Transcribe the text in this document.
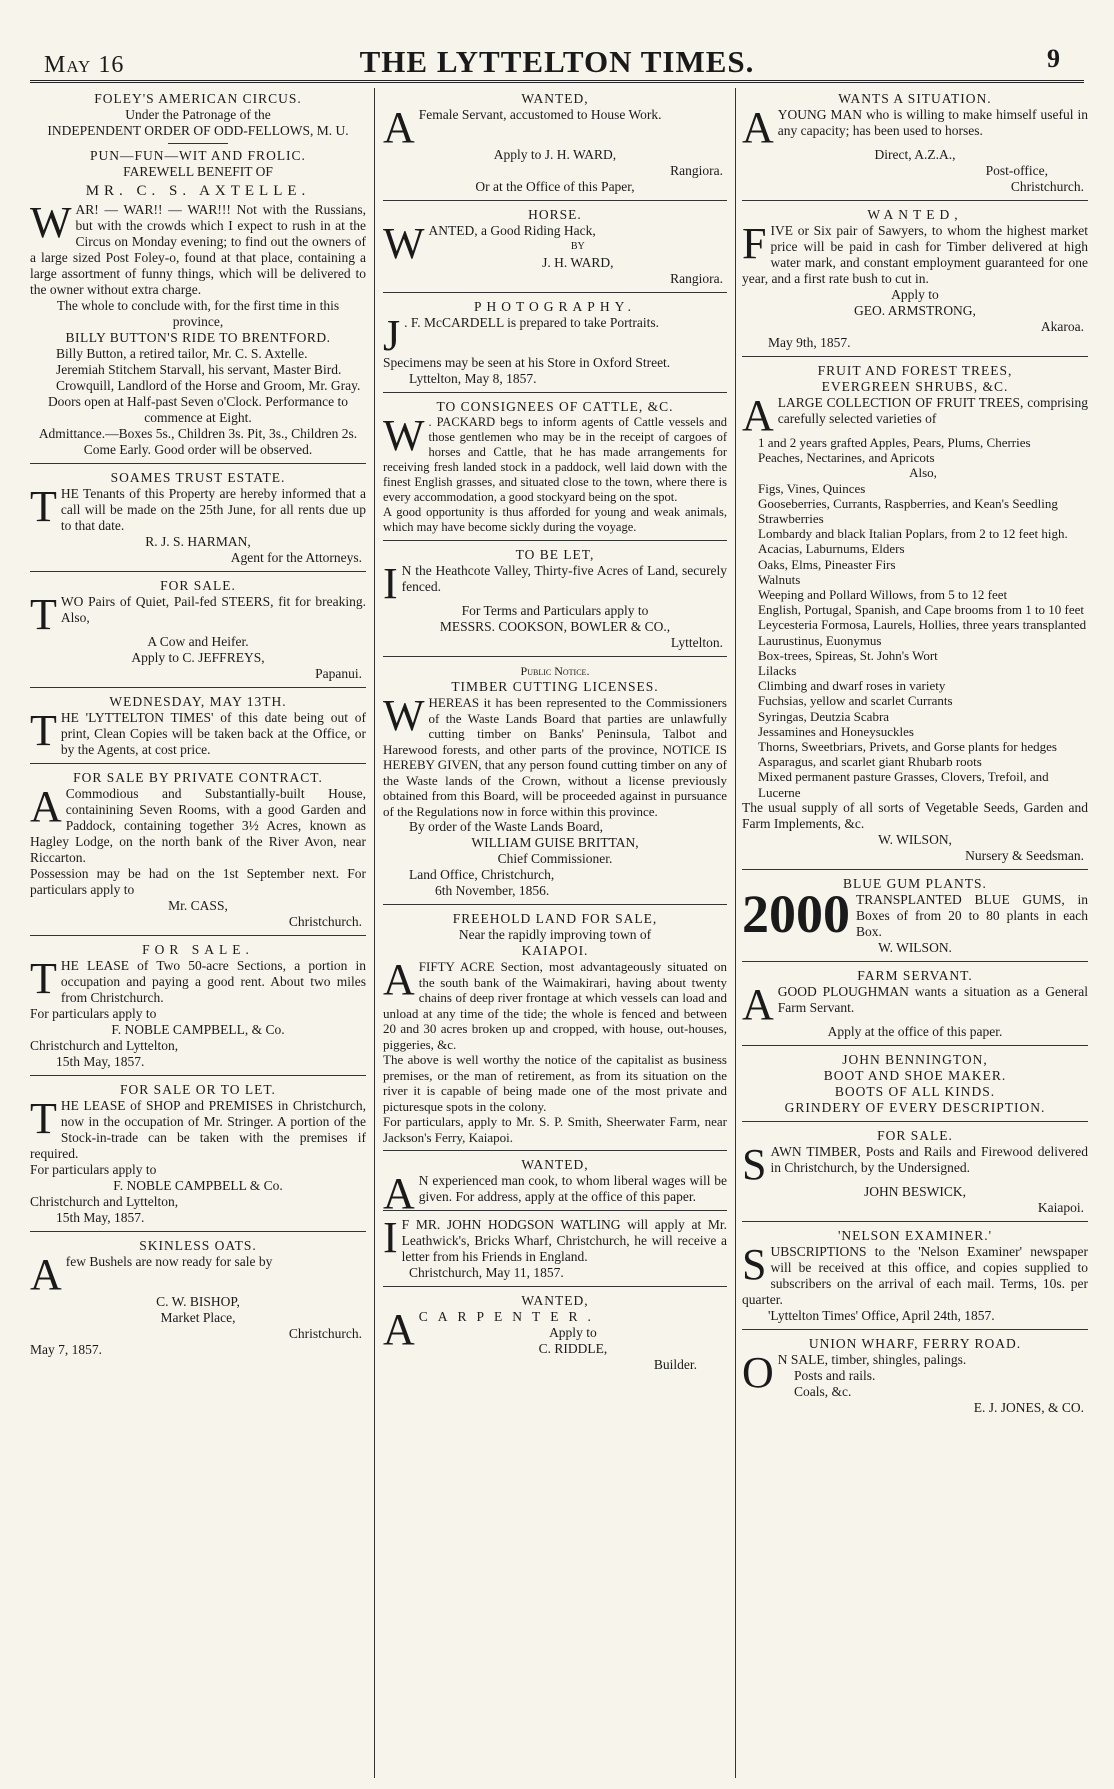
May 16	THE LYTTELTON TIMES.	9
FOLEY'S AMERICAN CIRCUS.
Under the Patronage of the
INDEPENDENT ORDER OF ODD-FELLOWS, M. U.
PUN—FUN—WIT AND FROLIC.
FAREWELL BENEFIT OF
MR. C. S. AXTELLE.
WAR! — WAR!! — WAR!!! Not with the Russians, but with the crowds which I expect to rush in at the Circus on Monday evening; to find out the owners of a large sized Post Foley-o, found at that place, containing a large assortment of funny things, which will be delivered to the owner without extra charge.
The whole to conclude with, for the first time in this province,
BILLY BUTTON'S RIDE TO BRENTFORD.
Billy Button, a retired tailor, Mr. C. S. Axtelle.
Jeremiah Stitchem Starvall, his servant, Master Bird.
Crowquill, Landlord of the Horse and Groom, Mr. Gray.
Doors open at Half-past Seven o'Clock. Performance to commence at Eight.
Admittance.—Boxes 5s., Children 3s. Pit, 3s., Children 2s.
Come Early. Good order will be observed.
SOAMES TRUST ESTATE.
THE Tenants of this Property are hereby informed that a call will be made on the 25th June, for all rents due up to that date.
R. J. S. HARMAN,
Agent for the Attorneys.
FOR SALE.
TWO Pairs of Quiet, Pail-fed STEERS, fit for breaking. Also,
A Cow and Heifer.
Apply to C. JEFFREYS,
Papanui.
WEDNESDAY, MAY 13TH.
THE 'LYTTELTON TIMES' of this date being out of print, Clean Copies will be taken back at the Office, or by the Agents, at cost price.
FOR SALE BY PRIVATE CONTRACT.
A Commodious and Substantially-built House, containining Seven Rooms, with a good Garden and Paddock, containing together 3½ Acres, known as Hagley Lodge, on the north bank of the River Avon, near Riccarton.
Possession may be had on the 1st September next. For particulars apply to
Mr. CASS,
Christchurch.
FOR SALE.
THE LEASE of Two 50-acre Sections, a portion in occupation and paying a good rent. About two miles from Christchurch.
For particulars apply to
F. NOBLE CAMPBELL, & Co.
Christchurch and Lyttelton,
15th May, 1857.
FOR SALE OR TO LET.
THE LEASE of SHOP and PREMISES in Christchurch, now in the occupation of Mr. Stringer. A portion of the Stock-in-trade can be taken with the premises if required.
For particulars apply to
F. NOBLE CAMPBELL & Co.
Christchurch and Lyttelton,
15th May, 1857.
SKINLESS OATS.
Afew Bushels are now ready for sale by
C. W. BISHOP,
Market Place,
Christchurch.
May 7, 1857.
WANTED,
A Female Servant, accustomed to House Work.
Apply to J. H. WARD,
Rangiora.
Or at the Office of this Paper,
HORSE.
WANTED, a Good Riding Hack,
BY
J. H. WARD,
Rangiora.
PHOTOGRAPHY.
J . F. McCARDELL is prepared to take Portraits.
Specimens may be seen at his Store in Oxford Street.
Lyttelton, May 8, 1857.
TO CONSIGNEES OF CATTLE, &C.
W . PACKARD begs to inform agents of Cattle vessels and those gentlemen who may be in the receipt of cargoes of horses and Cattle, that he has made arrangements for receiving fresh landed stock in a paddock, well laid down with the finest English grasses, and situated close to the town, where there is every accommodation, a good stockyard being on the spot.
A good opportunity is thus afforded for young and weak animals, which may have become sickly during the voyage.
TO BE LET,
I N the Heathcote Valley, Thirty-five Acres of Land, securely fenced.
For Terms and Particulars apply to
MESSRS. COOKSON, BOWLER & CO.,
Lyttelton.
Public Notice.
TIMBER CUTTING LICENSES.
WHEREAS it has been represented to the Commissioners of the Waste Lands Board that parties are unlawfully cutting timber on Banks' Peninsula, Talbot and Harewood forests, and other parts of the province, NOTICE IS HEREBY GIVEN, that any person found cutting timber on any of the Waste lands of the Crown, without a license previously obtained from this Board, will be proceeded against in pursuance of the Regulations now in force within this province.
By order of the Waste Lands Board,
WILLIAM GUISE BRITTAN,
Chief Commissioner.
Land Office, Christchurch,
6th November, 1856.
FREEHOLD LAND FOR SALE,
Near the rapidly improving town of
KAIAPOI.
AFIFTY ACRE Section, most advantageously situated on the south bank of the Waimakirari, having about twenty chains of deep river frontage at which vessels can load and unload at any time of the tide; the whole is fenced and between 20 and 30 acres broken up and cropped, with house, out-houses, piggeries, &c.
The above is well worthy the notice of the capitalist as business premises, or the man of retirement, as from its situation on the river it is capable of being made one of the most private and picturesque spots in the colony.
For particulars, apply to Mr. S. P. Smith, Sheerwater Farm, near Jackson's Ferry, Kaiapoi.
WANTED,
A N experienced man cook, to whom liberal wages will be given. For address, apply at the office of this paper.
I F MR. JOHN HODGSON WATLING will apply at Mr. Leathwick's, Bricks Wharf, Christchurch, he will receive a letter from his Friends in England.
Christchurch, May 11, 1857.
WANTED,
A CARPENTER.
Apply to
C. RIDDLE,
Builder.
WANTS A SITUATION.
AYOUNG MAN who is willing to make himself useful in any capacity; has been used to horses.
Direct, A.Z.A.,
Post-office,
Christchurch.
WANTED,
FIVE or Six pair of Sawyers, to whom the highest market price will be paid in cash for Timber delivered at high water mark, and constant employment guaranteed for one year, and a first rate bush to cut in.
Apply to
GEO. ARMSTRONG,
Akaroa.
May 9th, 1857.
FRUIT AND FOREST TREES,
EVERGREEN SHRUBS, &C.
ALARGE COLLECTION OF FRUIT TREES, comprising carefully selected varieties of
1 and 2 years grafted Apples, Pears, Plums, Cherries
Peaches, Nectarines, and Apricots
Also,
Figs, Vines, Quinces
Gooseberries, Currants, Raspberries, and Kean's Seedling Strawberries
Lombardy and black Italian Poplars, from 2 to 12 feet high.
Acacias, Laburnums, Elders
Oaks, Elms, Pineaster Firs
Walnuts
Weeping and Pollard Willows, from 5 to 12 feet
English, Portugal, Spanish, and Cape brooms from 1 to 10 feet
Leycesteria Formosa, Laurels, Hollies, three years transplanted
Laurustinus, Euonymus
Box-trees, Spireas, St. John's Wort
Lilacks
Climbing and dwarf roses in variety
Fuchsias, yellow and scarlet Currants
Syringas, Deutzia Scabra
Jessamines and Honeysuckles
Thorns, Sweetbriars, Privets, and Gorse plants for hedges
Asparagus, and scarlet giant Rhubarb roots
Mixed permanent pasture Grasses, Clovers, Trefoil, and Lucerne
The usual supply of all sorts of Vegetable Seeds, Garden and Farm Implements, &c.
W. WILSON,
Nursery & Seedsman.
BLUE GUM PLANTS.
2000 TRANSPLANTED BLUE GUMS, in Boxes of from 20 to 80 plants in each Box.
W. WILSON.
FARM SERVANT.
AGOOD PLOUGHMAN wants a situation as a General Farm Servant.
Apply at the office of this paper.
JOHN BENNINGTON,
BOOT AND SHOE MAKER.
BOOTS OF ALL KINDS.
GRINDERY OF EVERY DESCRIPTION.
FOR SALE.
SAWN TIMBER, Posts and Rails and Firewood delivered in Christchurch, by the Undersigned.
JOHN BESWICK,
Kaiapoi.
'NELSON EXAMINER.'
SUBSCRIPTIONS to the 'Nelson Examiner' newspaper will be received at this office, and copies supplied to subscribers on the arrival of each mail. Terms, 10s. per quarter.
'Lyttelton Times' Office, April 24th, 1857.
UNION WHARF, FERRY ROAD.
O N SALE, timber, shingles, palings.
Posts and rails.
Coals, &c.
E. J. JONES, & CO.
